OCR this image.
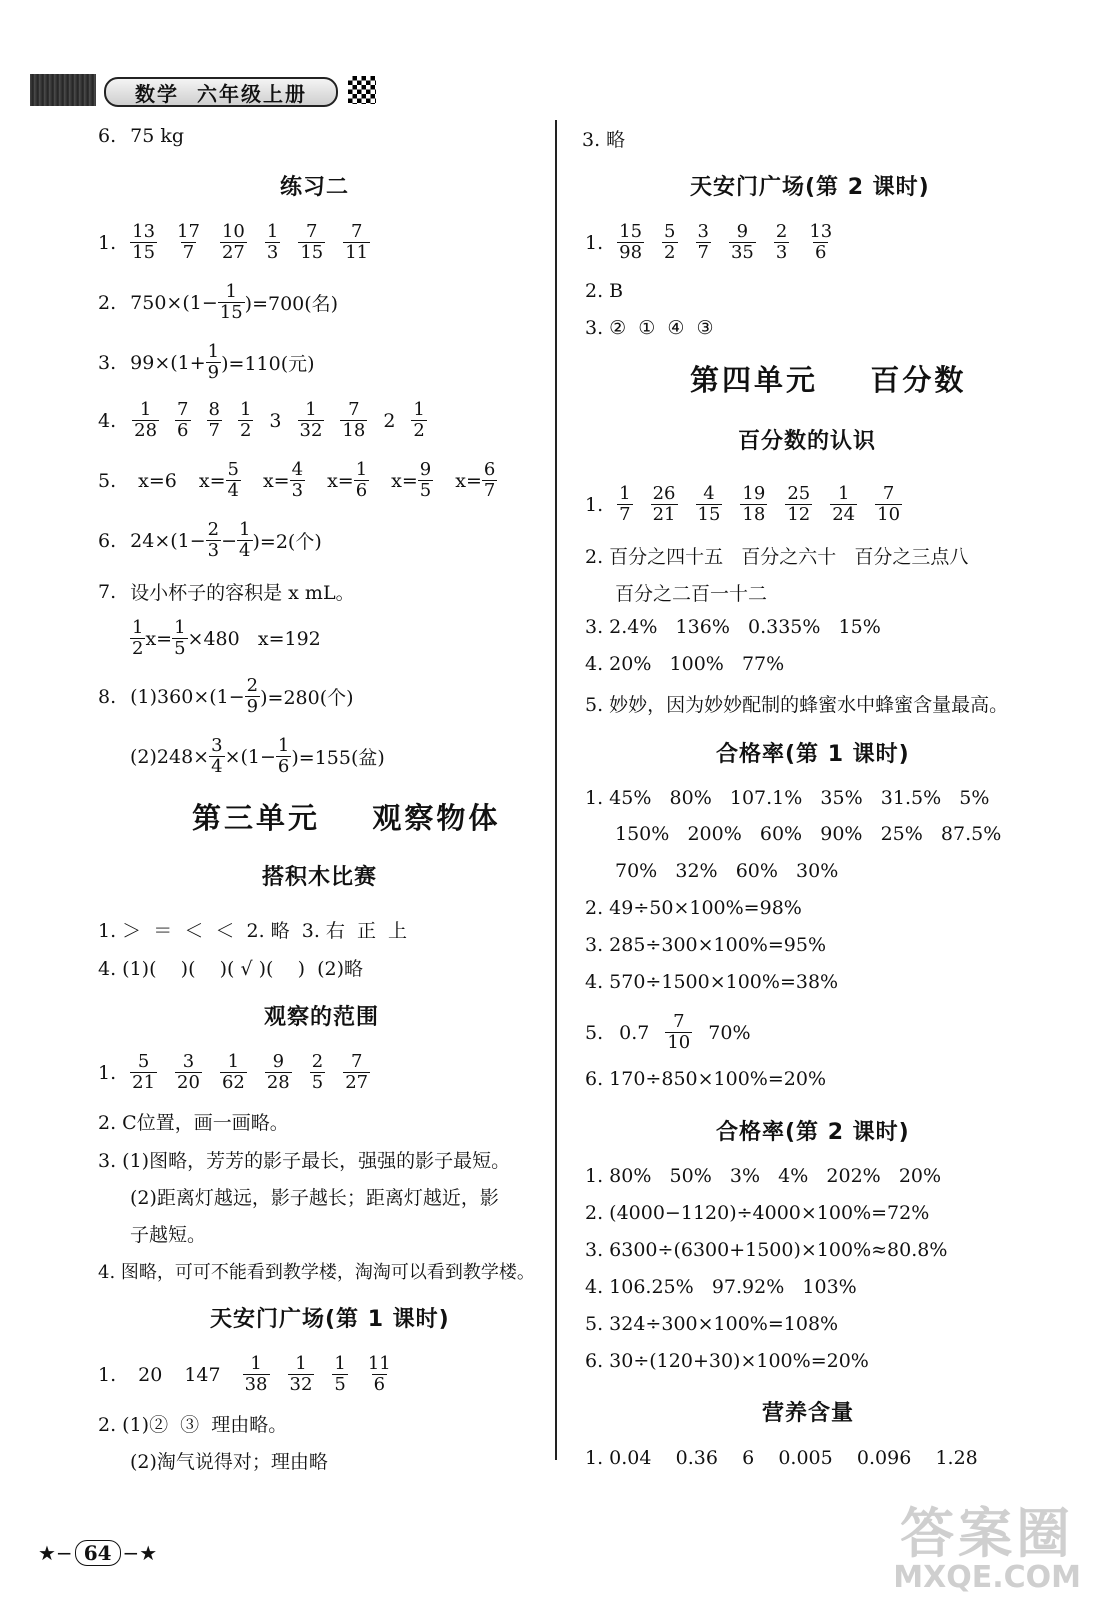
数学  六年级上册
6. 75 kg
练习二
1. 13
15
17
7
10
27
1
3
7
15
7
11
2. $750\times(1- \frac{1}{15} )=700$(名)
3. $99\times(1+ \frac{1}{9} )=110$(元)
4. 1
28
7
6
8
7
1
2 3 1
32
7
18 2 1
2
5. x=6 $x= \frac{5}{4} x= \frac{4}{3} x= \frac{1}{6} x= \frac{9}{5} x= \frac{6}{7}$
6. $24\times(1- \frac{2}{3} - \frac{1}{4} )=2$(个)
7. 设小杯子的容积是 x mL。
1
2 $x= \frac{1}{5} \times 480$   x=192
8. $(1)360\times(1- \frac{2}{9} )=280$(个)
$(2)248\times \frac{3}{4} \times(1- \frac{1}{6} )=155$(盆)
第三单元    观察物体
搭积木比赛
1. ＞  ＝  ＜  ＜  2. 略  3. 右  正  上
4. (1)(    )(    )( √ )(    )  (2)略
观察的范围
1. 5
21
3
20
1
62
9
28
2
5
7
27
2. C位置，画一画略。
3. (1)图略，芳芳的影子最长，强强的影子最短。
(2)距离灯越远，影子越长；距离灯越近，影
子越短。
4. 图略，可可不能看到教学楼，淘淘可以看到教学楼。
天安门广场(第 1 课时)
1. 20 147 1
38
1
32
1
5
11
6
2. (1)②  ③  理由略。
(2)淘气说得对；理由略
3. 略
天安门广场(第 2 课时)
1. 15
98
5
2
3
7
9
35
2
3
13
6
2. B
3. ②  ①  ④  ③
第四单元    百分数
百分数的认识
1. 1
7
26
21
4
15
19
18
25
12
1
24
7
10
2. 百分之四十五   百分之六十   百分之三点八
百分之二百一十二
3. 2.4%   136%   0.335%   15%
4. 20%   100%   77%
5. 妙妙，因为妙妙配制的蜂蜜水中蜂蜜含量最高。
合格率(第 1 课时)
1. 45%   80%   107.1%   35%   31.5%   5%
150%   200%   60%   90%   25%   87.5%
70%   32%   60%   30%
2. 49÷50×100%=98%
3. 285÷300×100%=95%
4. 570÷1500×100%=38%
5. 0.7 7
10 70%
6. 170÷850×100%=20%
合格率(第 2 课时)
1. 80%   50%   3%   4%   202%   20%
2. (4000−1120)÷4000×100%=72%
3. 6300÷(6300+1500)×100%≈80.8%
4. 106.25%   97.92%   103%
5. 324÷300×100%=108%
6. 30÷(120+30)×100%=20%
营养含量
1. 0.04    0.36    6    0.005    0.096    1.28
★− 64 −★	答案圈
MXQE.COM
